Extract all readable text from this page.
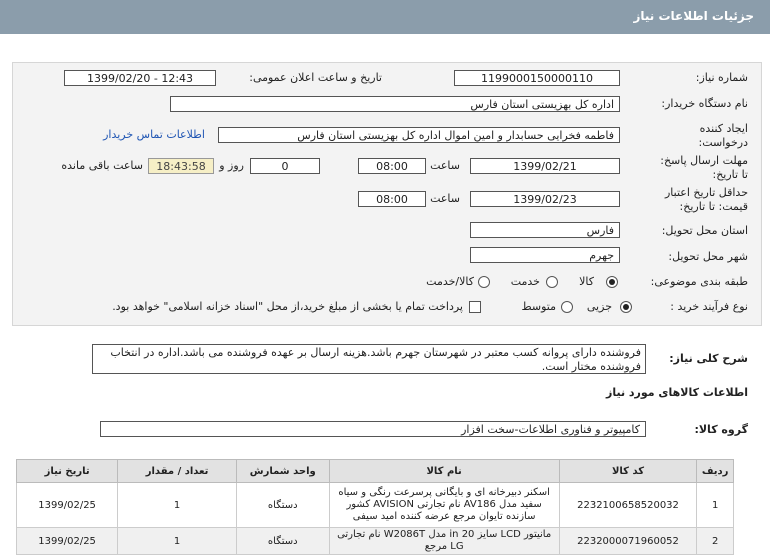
جزئیات اطلاعات نیاز
شماره نیاز:
1199000150000110
تاریخ و ساعت اعلان عمومی:
1399/02/20 - 12:43
نام دستگاه خریدار:
اداره کل بهزیستی استان فارس
ایجاد کننده
درخواست:
فاطمه فخرایی حسابدار و امین اموال اداره کل بهزیستی استان فارس
اطلاعات تماس خریدار
مهلت ارسال پاسخ:
تا تاریخ:
1399/02/21
ساعت
08:00
0
روز و
18:43:58
ساعت باقی مانده
حداقل تاریخ اعتبار
قیمت: تا تاریخ:
1399/02/23
ساعت
08:00
استان محل تحویل:
فارس
شهر محل تحویل:
جهرم
طبقه بندی موضوعی:
کالا
خدمت
کالا/خدمت
نوع فرآیند خرید :
جزیی
متوسط
پرداخت تمام یا بخشی از مبلغ خرید،از محل "اسناد خزانه اسلامی" خواهد بود.
شرح کلی نیاز:
فروشنده دارای پروانه کسب معتبر در شهرستان جهرم باشد.هزینه ارسال بر عهده فروشنده می باشد.اداره در انتخاب فروشنده مختار است.
اطلاعات کالاهای مورد نیاز
گروه کالا:
کامپیوتر و فناوری اطلاعات-سخت افزار
تاریخ نیاز	تعداد / مقدار	واحد شمارش	نام کالا	کد کالا	ردیف
1399/02/25	1	دستگاه	اسکنر دبیرخانه ای و بایگانی پرسرعت رنگی و سیاه سفید مدل AV186 نام تجارتی AVISION کشور سازنده تایوان مرجع عرضه کننده امید سیفی	2232100658520032	1
1399/02/25	1	دستگاه	مانیتور LCD سایز 20 in مدل W2086T نام تجارتی LG مرجع	2232000071960052	2
